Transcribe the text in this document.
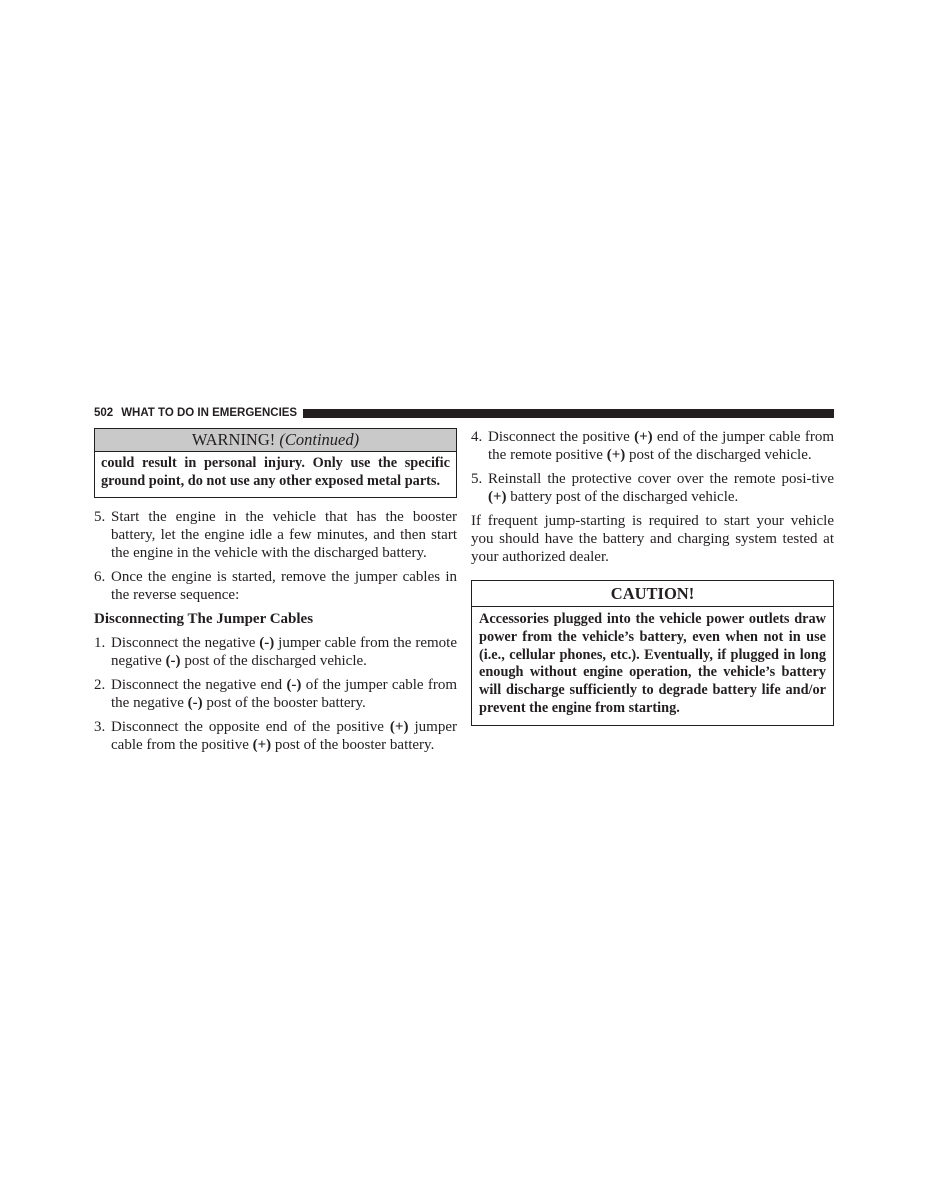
502 WHAT TO DO IN EMERGENCIES
WARNING! (Continued)
could result in personal injury. Only use the specific ground point, do not use any other exposed metal parts.
5. Start the engine in the vehicle that has the booster battery, let the engine idle a few minutes, and then start the engine in the vehicle with the discharged battery.
6. Once the engine is started, remove the jumper cables in the reverse sequence:
Disconnecting The Jumper Cables
1. Disconnect the negative (-) jumper cable from the remote negative (-) post of the discharged vehicle.
2. Disconnect the negative end (-) of the jumper cable from the negative (-) post of the booster battery.
3. Disconnect the opposite end of the positive (+) jumper cable from the positive (+) post of the booster battery.
4. Disconnect the positive (+) end of the jumper cable from the remote positive (+) post of the discharged vehicle.
5. Reinstall the protective cover over the remote posi-tive (+) battery post of the discharged vehicle.
If frequent jump-starting is required to start your vehicle you should have the battery and charging system tested at your authorized dealer.
CAUTION!
Accessories plugged into the vehicle power outlets draw power from the vehicle’s battery, even when not in use (i.e., cellular phones, etc.). Eventually, if plugged in long enough without engine operation, the vehicle’s battery will discharge sufficiently to degrade battery life and/or prevent the engine from starting.
